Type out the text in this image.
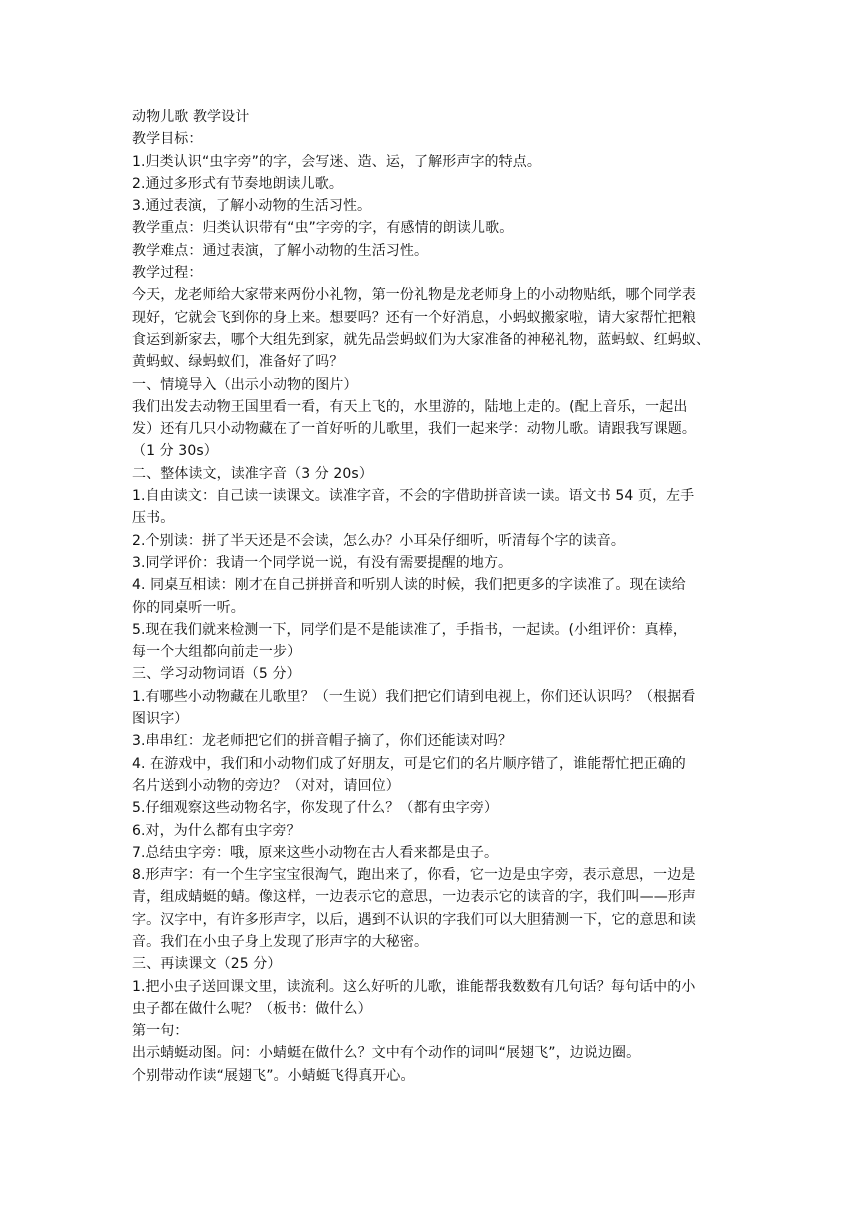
动物儿歌 教学设计
教学目标：
1.归类认识“虫字旁”的字，会写迷、造、运，了解形声字的特点。
2.通过多形式有节奏地朗读儿歌。
3.通过表演，了解小动物的生活习性。
教学重点：归类认识带有“虫”字旁的字，有感情的朗读儿歌。
教学难点：通过表演，了解小动物的生活习性。
教学过程：
今天，龙老师给大家带来两份小礼物，第一份礼物是龙老师身上的小动物贴纸，哪个同学表
现好，它就会飞到你的身上来。想要吗？还有一个好消息，小蚂蚁搬家啦，请大家帮忙把粮
食运到新家去，哪个大组先到家，就先品尝蚂蚁们为大家准备的神秘礼物，蓝蚂蚁、红蚂蚁、
黄蚂蚁、绿蚂蚁们，准备好了吗？
一、情境导入（出示小动物的图片）
我们出发去动物王国里看一看，有天上飞的，水里游的，陆地上走的。(配上音乐，一起出
发）还有几只小动物藏在了一首好听的儿歌里，我们一起来学：动物儿歌。请跟我写课题。
（1 分 30s）
二、整体读文，读准字音（3 分 20s）
1.自由读文：自己读一读课文。读准字音，不会的字借助拼音读一读。语文书 54 页，左手
压书。
2.个别读：拼了半天还是不会读，怎么办？小耳朵仔细听，听清每个字的读音。
3.同学评价：我请一个同学说一说，有没有需要提醒的地方。
4. 同桌互相读：刚才在自己拼拼音和听别人读的时候，我们把更多的字读准了。现在读给
你的同桌听一听。
5.现在我们就来检测一下，同学们是不是能读准了，手指书，一起读。(小组评价：真棒，
每一个大组都向前走一步）
三、学习动物词语（5 分）
1.有哪些小动物藏在儿歌里？（一生说）我们把它们请到电视上，你们还认识吗？（根据看
图识字）
3.串串红：龙老师把它们的拼音帽子摘了，你们还能读对吗？
4. 在游戏中，我们和小动物们成了好朋友，可是它们的名片顺序错了，谁能帮忙把正确的
名片送到小动物的旁边？（对对，请回位）
5.仔细观察这些动物名字，你发现了什么？（都有虫字旁）
6.对，为什么都有虫字旁？
7.总结虫字旁：哦，原来这些小动物在古人看来都是虫子。
8.形声字：有一个生字宝宝很淘气，跑出来了，你看，它一边是虫字旁，表示意思，一边是
青，组成蜻蜓的蜻。像这样，一边表示它的意思，一边表示它的读音的字，我们叫——形声
字。汉字中，有许多形声字，以后，遇到不认识的字我们可以大胆猜测一下，它的意思和读
音。我们在小虫子身上发现了形声字的大秘密。
三、再读课文（25 分）
1.把小虫子送回课文里，读流利。这么好听的儿歌，谁能帮我数数有几句话？每句话中的小
虫子都在做什么呢？（板书：做什么）
第一句：
出示蜻蜓动图。问：小蜻蜓在做什么？文中有个动作的词叫“展翅飞”，边说边圈。
个别带动作读“展翅飞”。小蜻蜓飞得真开心。
